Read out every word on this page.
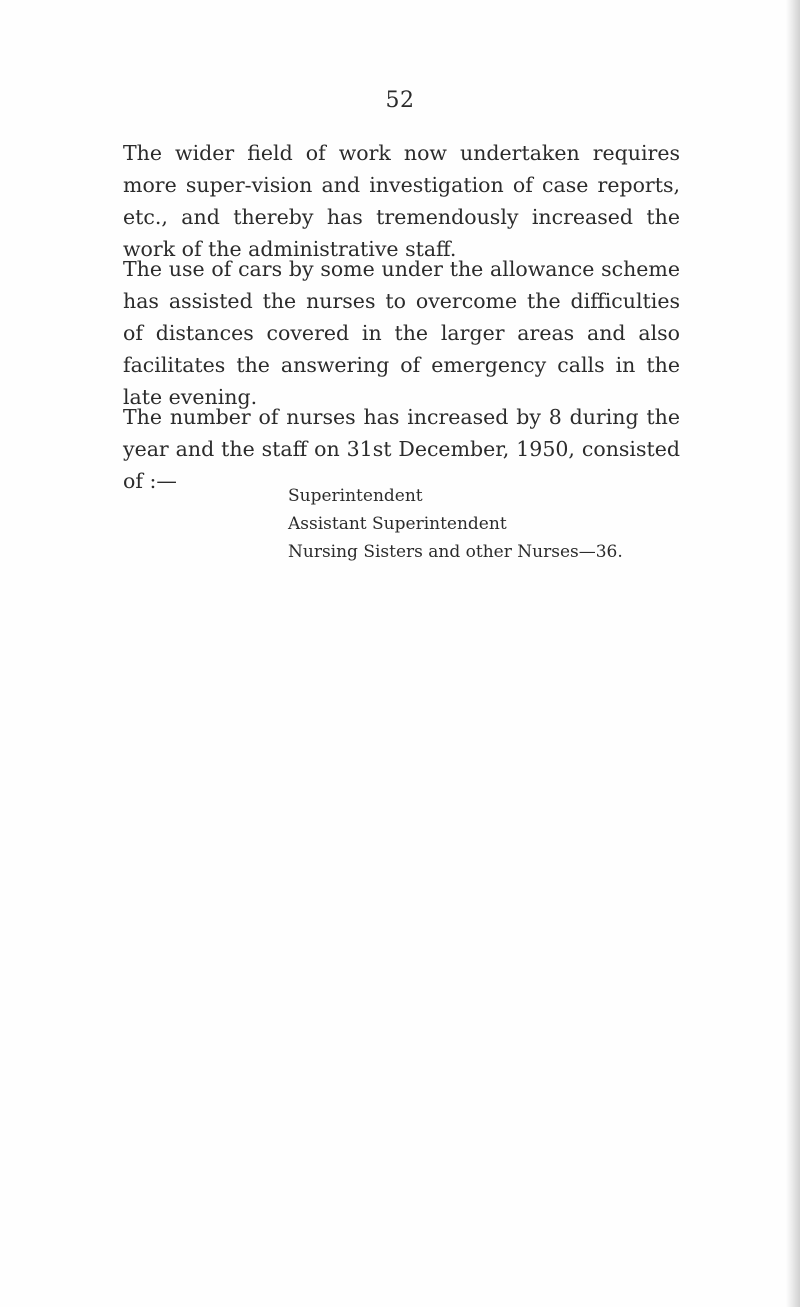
52

The wider field of work now undertaken requires more super-vision and investigation of case reports, etc., and thereby has tremendously increased the work of the administrative staff.

The use of cars by some under the allowance scheme has assisted the nurses to overcome the difficulties of distances covered in the larger areas and also facilitates the answering of emergency calls in the late evening.

The number of nurses has increased by 8 during the year and the staff on 31st December, 1950, consisted of :—

Superintendent
Assistant Superintendent
Nursing Sisters and other Nurses—36.
